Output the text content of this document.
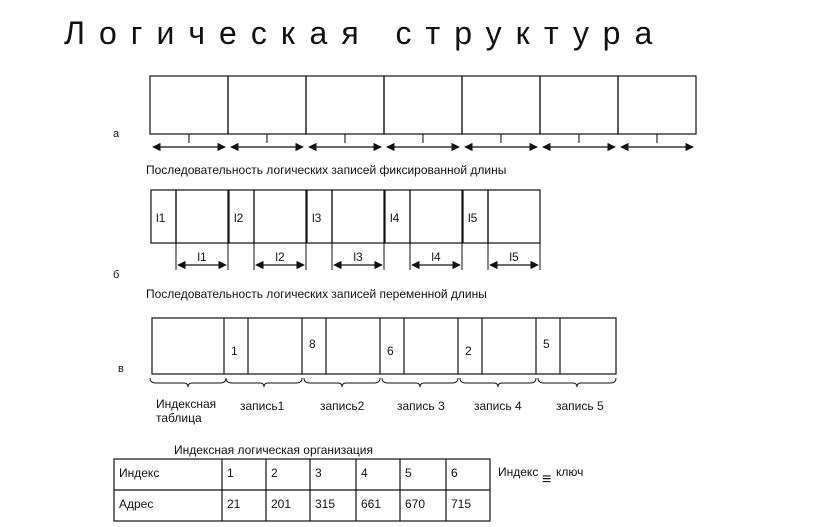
Логическая структура
а	l	l	l	l	l	l	l
Последовательность логических записей фиксированной длины
l1
l1
l2
l2
l3
l3
l4
l4
l5
l5
б
Последовательность логических записей переменной длины
в
1	8	6	2	5
запись1	запись2	запись 3 запись 4	запись 5
Индексная
таблица
Индексная логическая организация
Индекс	1	2	3	4	5	6
Адрес	21	201 315 661 670 715
Индекс ≡ ключ
